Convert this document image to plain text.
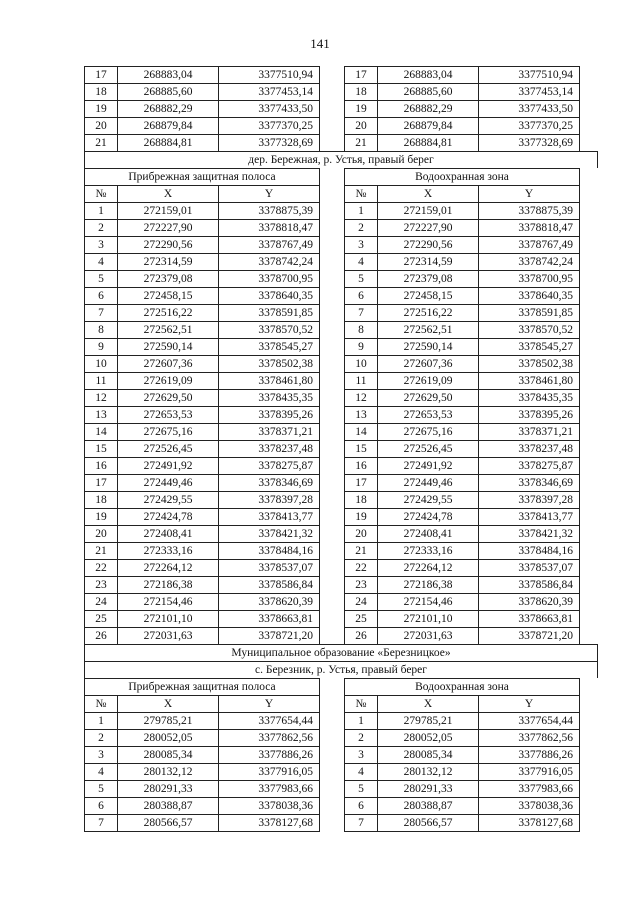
141
17	268883,04	3377510,94	17	268883,04	3377510,94
18	268885,60	3377453,14	18	268885,60	3377453,14
19	268882,29	3377433,50	19	268882,29	3377433,50
20	268879,84	3377370,25	20	268879,84	3377370,25
21	268884,81	3377328,69	21	268884,81	3377328,69
дер. Бережная, р. Устья, правый берег
Прибрежная защитная полоса	Водоохранная зона
№	X	Y	№	X	Y
1	272159,01	3378875,39	1	272159,01	3378875,39
2	272227,90	3378818,47	2	272227,90	3378818,47
3	272290,56	3378767,49	3	272290,56	3378767,49
4	272314,59	3378742,24	4	272314,59	3378742,24
5	272379,08	3378700,95	5	272379,08	3378700,95
6	272458,15	3378640,35	6	272458,15	3378640,35
7	272516,22	3378591,85	7	272516,22	3378591,85
8	272562,51	3378570,52	8	272562,51	3378570,52
9	272590,14	3378545,27	9	272590,14	3378545,27
10	272607,36	3378502,38	10	272607,36	3378502,38
11	272619,09	3378461,80	11	272619,09	3378461,80
12	272629,50	3378435,35	12	272629,50	3378435,35
13	272653,53	3378395,26	13	272653,53	3378395,26
14	272675,16	3378371,21	14	272675,16	3378371,21
15	272526,45	3378237,48	15	272526,45	3378237,48
16	272491,92	3378275,87	16	272491,92	3378275,87
17	272449,46	3378346,69	17	272449,46	3378346,69
18	272429,55	3378397,28	18	272429,55	3378397,28
19	272424,78	3378413,77	19	272424,78	3378413,77
20	272408,41	3378421,32	20	272408,41	3378421,32
21	272333,16	3378484,16	21	272333,16	3378484,16
22	272264,12	3378537,07	22	272264,12	3378537,07
23	272186,38	3378586,84	23	272186,38	3378586,84
24	272154,46	3378620,39	24	272154,46	3378620,39
25	272101,10	3378663,81	25	272101,10	3378663,81
26	272031,63	3378721,20	26	272031,63	3378721,20
Муниципальное образование «Березницкое»
с. Березник, р. Устья, правый берег
Прибрежная защитная полоса	Водоохранная зона
№	X	Y	№	X	Y
1	279785,21	3377654,44	1	279785,21	3377654,44
2	280052,05	3377862,56	2	280052,05	3377862,56
3	280085,34	3377886,26	3	280085,34	3377886,26
4	280132,12	3377916,05	4	280132,12	3377916,05
5	280291,33	3377983,66	5	280291,33	3377983,66
6	280388,87	3378038,36	6	280388,87	3378038,36
7	280566,57	3378127,68	7	280566,57	3378127,68
